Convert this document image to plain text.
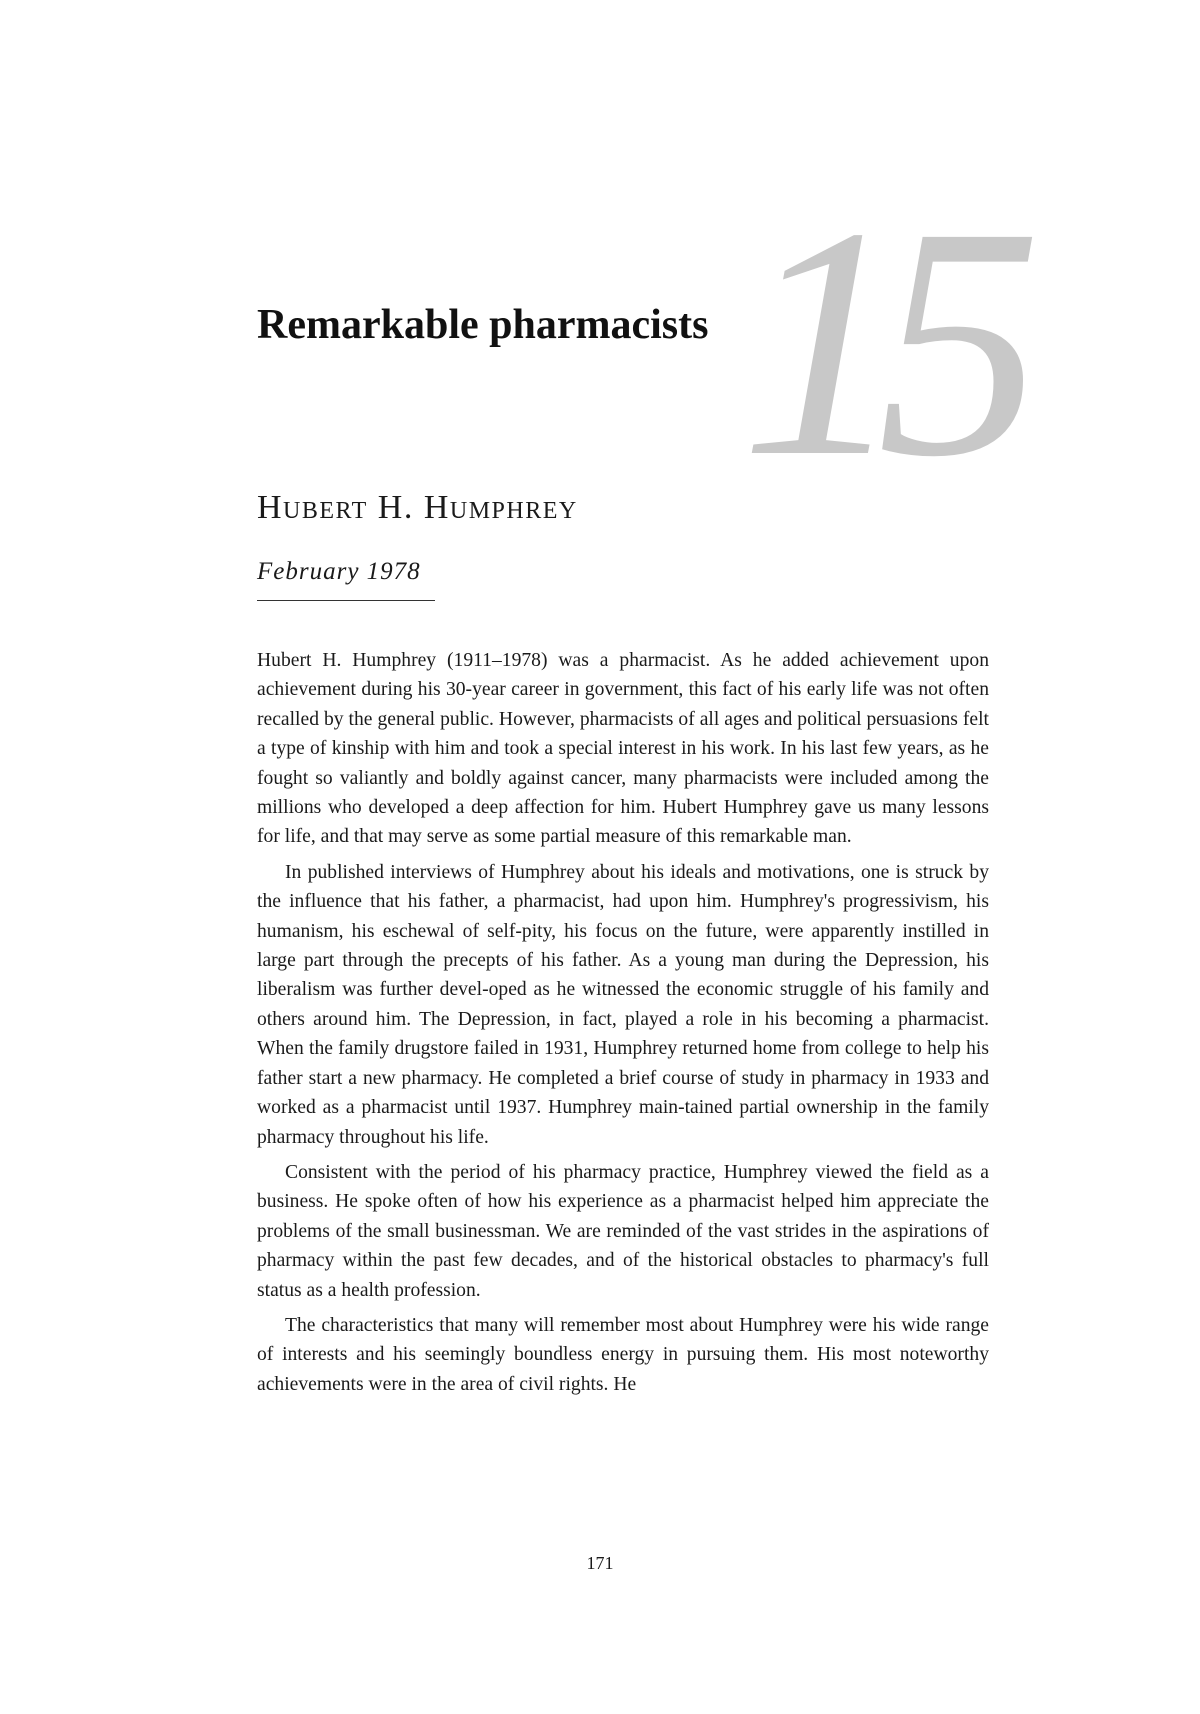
15
Remarkable pharmacists
Hubert H. Humphrey
February 1978

Hubert H. Humphrey (1911–1978) was a pharmacist. As he added achievement upon achievement during his 30-year career in government, this fact of his early life was not often recalled by the general public. However, pharmacists of all ages and political persuasions felt a type of kinship with him and took a special interest in his work. In his last few years, as he fought so valiantly and boldly against cancer, many pharmacists were included among the millions who developed a deep affection for him. Hubert Humphrey gave us many lessons for life, and that may serve as some partial measure of this remarkable man.

In published interviews of Humphrey about his ideals and motivations, one is struck by the influence that his father, a pharmacist, had upon him. Humphrey's progressivism, his humanism, his eschewal of self-pity, his focus on the future, were apparently instilled in large part through the precepts of his father. As a young man during the Depression, his liberalism was further devel-oped as he witnessed the economic struggle of his family and others around him. The Depression, in fact, played a role in his becoming a pharmacist. When the family drugstore failed in 1931, Humphrey returned home from college to help his father start a new pharmacy. He completed a brief course of study in pharmacy in 1933 and worked as a pharmacist until 1937. Humphrey main-tained partial ownership in the family pharmacy throughout his life.

Consistent with the period of his pharmacy practice, Humphrey viewed the field as a business. He spoke often of how his experience as a pharmacist helped him appreciate the problems of the small businessman. We are reminded of the vast strides in the aspirations of pharmacy within the past few decades, and of the historical obstacles to pharmacy's full status as a health profession.

The characteristics that many will remember most about Humphrey were his wide range of interests and his seemingly boundless energy in pursuing them. His most noteworthy achievements were in the area of civil rights. He

171
